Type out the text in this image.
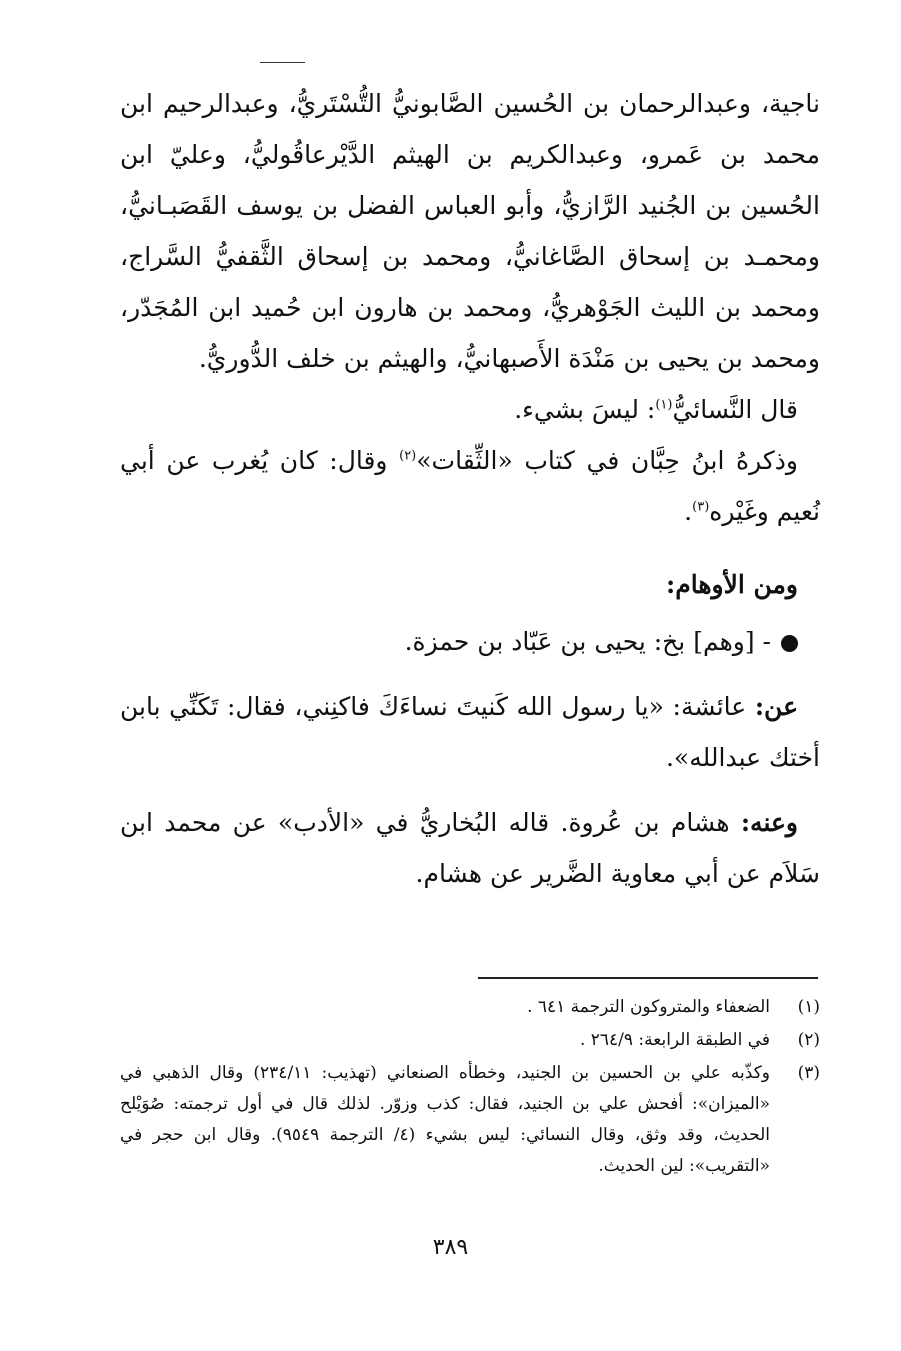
ناجية، وعبدالرحمان بن الحُسين الصَّابونيُّ التُّسْتَريُّ، وعبدالرحيم ابن محمد بن عَمرو، وعبدالكريم بن الهيثم الدَّيْرعاقُوليُّ، وعليّ ابن الحُسين بن الجُنيد الرَّازيُّ، وأبو العباس الفضل بن يوسف القَصَبـانيُّ، ومحمـد بن إسحاق الصَّاغانيُّ، ومحمد بن إسحاق الثَّقفيُّ السَّراج، ومحمد بن الليث الجَوْهريُّ، ومحمد بن هارون ابن حُميد ابن المُجَدّر، ومحمد بن يحيى بن مَنْدَة الأَصبهانيُّ، والهيثم بن خلف الدُّوريُّ.

قال النَّسائيُّ$^{(١)}$: ليسَ بشيء.

وذكرهُ ابنُ حِبَّان في كتاب «الثِّقات»$^{(٢)}$ وقال: كان يُغرب عن أبي نُعيم وغَيْره$^{(٣)}$.

ومن الأوهام:

- [وهم] بخ: يحيى بن عَبّاد بن حمزة.

عن: عائشة: «يا رسول الله كَنيتَ نساءَكَ فاكنِني، فقال: تَكَنِّي بابن أختك عبدالله».

وعنه: هشام بن عُروة. قاله البُخاريُّ في «الأدب» عن محمد ابن سَلاَم عن أبي معاوية الضَّرير عن هشام.

(١)
الضعفاء والمتروكون الترجمة ٦٤١ .
(٢)
في الطبقة الرابعة: ٢٦٤/٩ .
(٣)
وكذّبه علي بن الحسين بن الجنيد، وخطأه الصنعاني (تهذيب: ٢٣٤/١١) وقال الذهبي في «الميزان»: أفحش علي بن الجنيد، فقال: كذب وزوّر. لذلك قال في أول ترجمته: صُوَيْلح الحديث، وقد وثق، وقال النسائي: ليس بشيء (٤/ الترجمة ٩٥٤٩). وقال ابن حجر في «التقريب»: لين الحديث.
٣٨٩
